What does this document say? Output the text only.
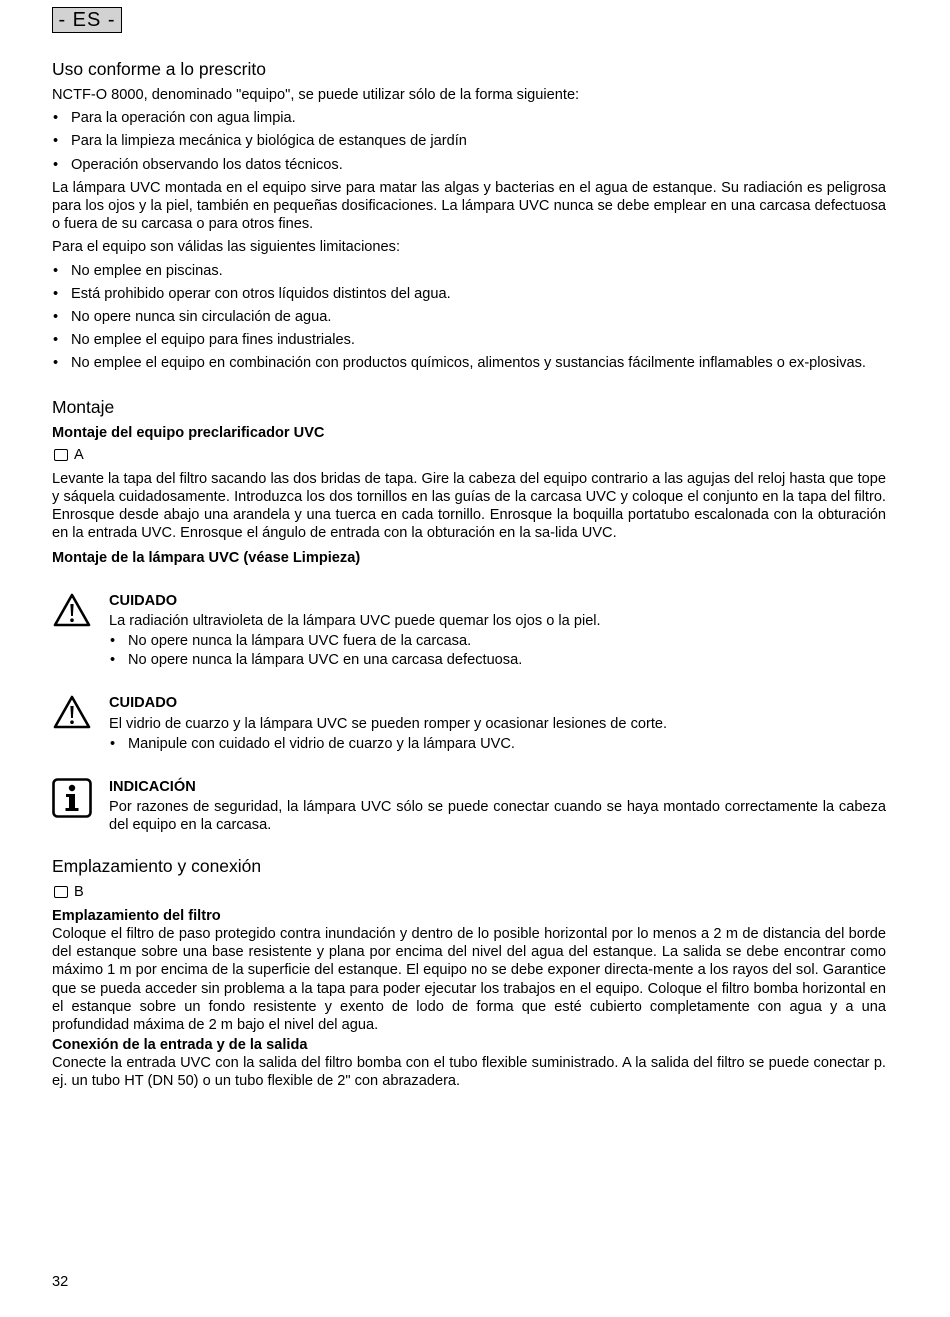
- ES -
Uso conforme a lo prescrito

NCTF-O 8000, denominado "equipo", se puede utilizar sólo de la forma siguiente:

• Para la operación con agua limpia.
• Para la limpieza mecánica y biológica de estanques de jardín
• Operación observando los datos técnicos.

La lámpara UVC montada en el equipo sirve para matar las algas y bacterias en el agua de estanque. Su radiación es peligrosa para los ojos y la piel, también en pequeñas dosificaciones. La lámpara UVC nunca se debe emplear en una carcasa defectuosa o fuera de su carcasa o para otros fines.

Para el equipo son válidas las siguientes limitaciones:

• No emplee en piscinas.
• Está prohibido operar con otros líquidos distintos del agua.
• No opere nunca sin circulación de agua.
• No emplee el equipo para fines industriales.
• No emplee el equipo en combinación con productos químicos, alimentos y sustancias fácilmente inflamables o ex-plosivas.
Montaje
Montaje del equipo preclarificador UVC
A

Levante la tapa del filtro sacando las dos bridas de tapa. Gire la cabeza del equipo contrario a las agujas del reloj hasta que tope y sáquela cuidadosamente. Introduzca los dos tornillos en las guías de la carcasa UVC y coloque el conjunto en la tapa del filtro. Enrosque desde abajo una arandela y una tuerca en cada tornillo. Enrosque la boquilla portatubo escalonada con la obturación en la entrada UVC. Enrosque el ángulo de entrada con la obturación en la sa-lida UVC.

Montaje de la lámpara UVC (véase Limpieza)
CUIDADO

La radiación ultravioleta de la lámpara UVC puede quemar los ojos o la piel.

• No opere nunca la lámpara UVC fuera de la carcasa.
• No opere nunca la lámpara UVC en una carcasa defectuosa.
CUIDADO

El vidrio de cuarzo y la lámpara UVC se pueden romper y ocasionar lesiones de corte.

• Manipule con cuidado el vidrio de cuarzo y la lámpara UVC.
INDICACIÓN

Por razones de seguridad, la lámpara UVC sólo se puede conectar cuando se haya montado correctamente la cabeza del equipo en la carcasa.

Emplazamiento y conexión
B
Emplazamiento del filtro

Coloque el filtro de paso protegido contra inundación y dentro de lo posible horizontal por lo menos a 2 m de distancia del borde del estanque sobre una base resistente y plana por encima del nivel del agua del estanque. La salida se debe encontrar como máximo 1 m por encima de la superficie del estanque. El equipo no se debe exponer directa-mente a los rayos del sol. Garantice que se pueda acceder sin problema a la tapa para poder ejecutar los trabajos en el equipo. Coloque el filtro bomba horizontal en el estanque sobre un fondo resistente y exento de lodo de forma que esté cubierto completamente con agua y a una profundidad máxima de 2 m bajo el nivel del agua.

Conexión de la entrada y de la salida

Conecte la entrada UVC con la salida del filtro bomba con el tubo flexible suministrado. A la salida del filtro se puede conectar p. ej. un tubo HT (DN 50) o un tubo flexible de 2" con abrazadera.

32
